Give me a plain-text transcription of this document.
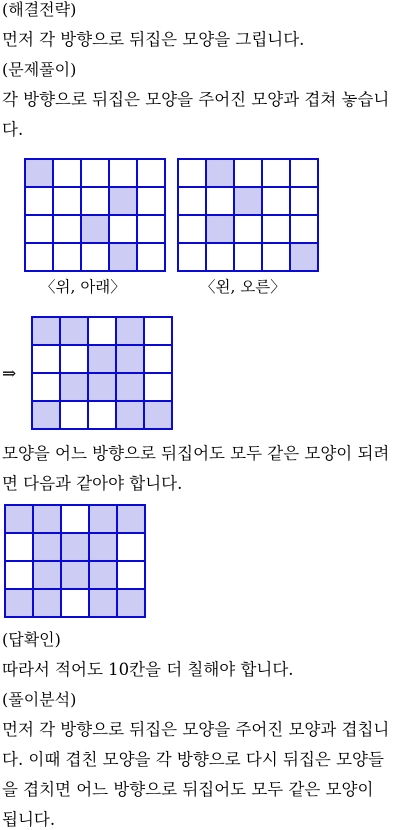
(해결전략)
먼저 각 방향으로 뒤집은 모양을 그립니다.
(문제풀이)
각 방향으로 뒤집은 모양을 주어진 모양과 겹쳐 놓습니
다.

〈위, 아래〉	〈왼, 오른〉
⇒

모양을 어느 방향으로 뒤집어도 모두 같은 모양이 되려
면 다음과 같아야 합니다.

(답확인)
따라서 적어도 10칸을 더 칠해야 합니다.
(풀이분석)
먼저 각 방향으로 뒤집은 모양을 주어진 모양과 겹칩니
다. 이때 겹친 모양을 각 방향으로 다시 뒤집은 모양들
을 겹치면 어느 방향으로 뒤집어도 모두 같은 모양이
됩니다.
